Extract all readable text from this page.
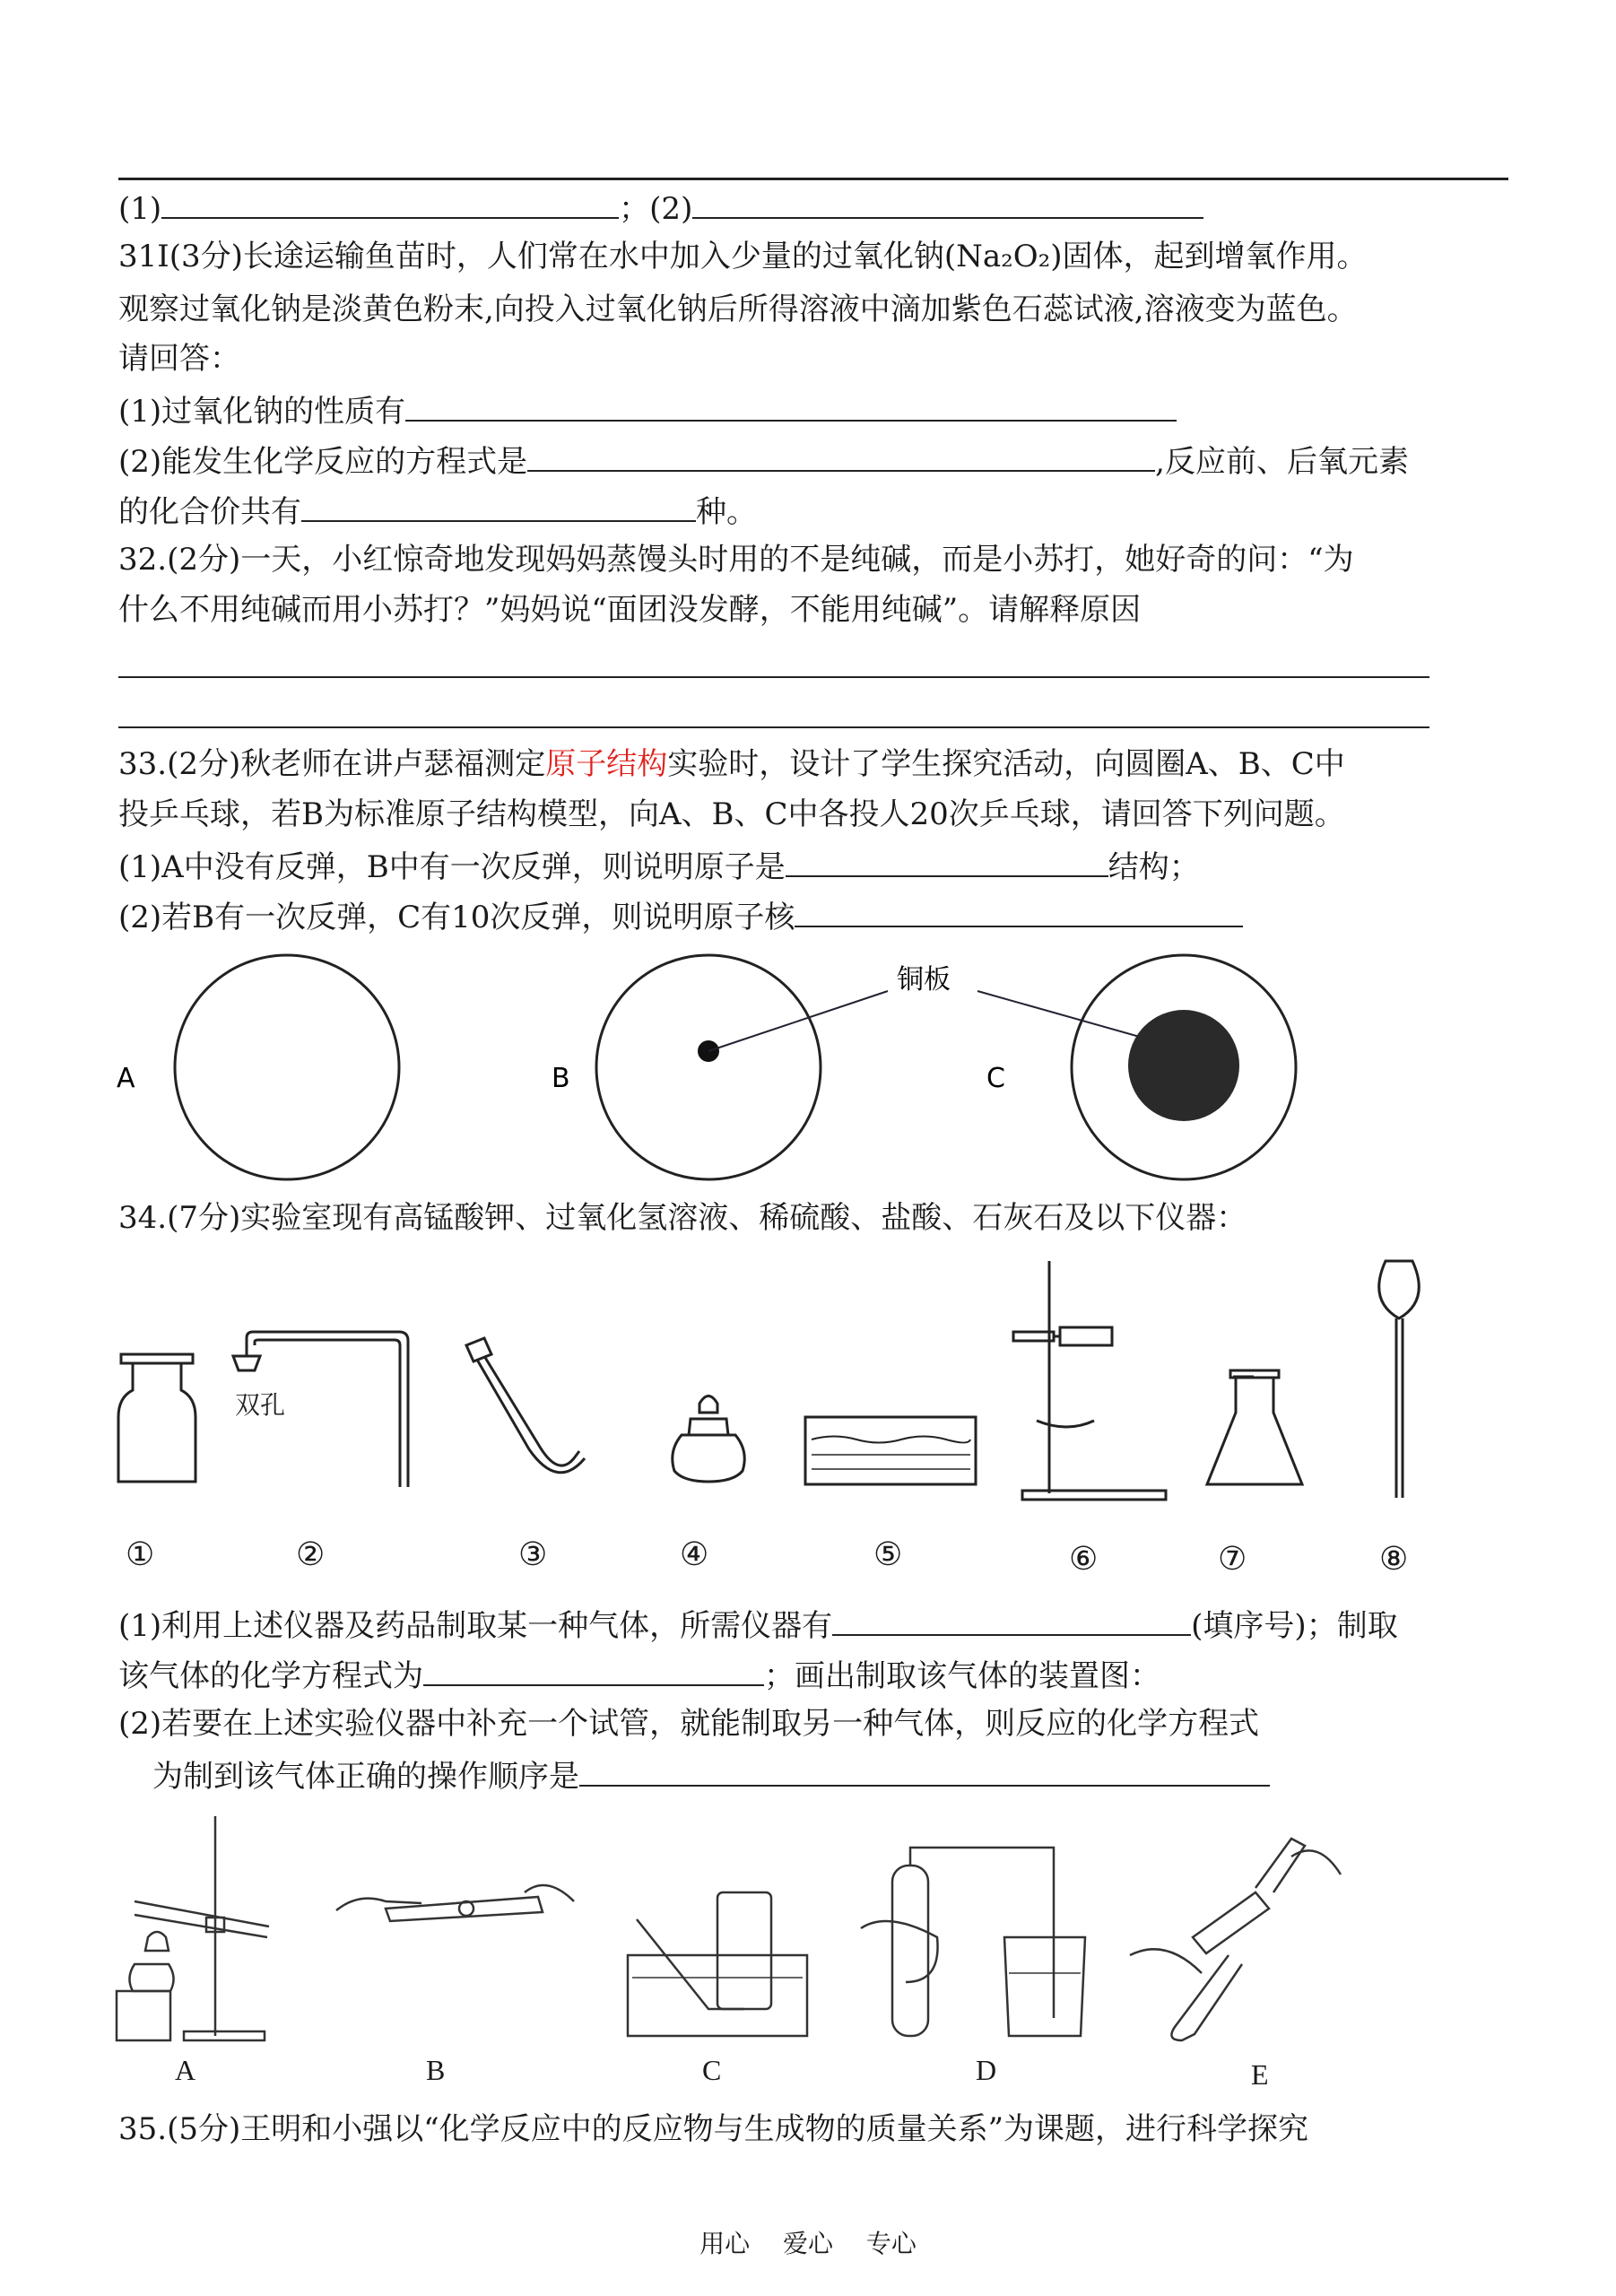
(1)	；(2)
31I(3分)长途运输鱼苗时，人们常在水中加入少量的过氧化钠(Na₂O₂)固体，起到增氧作用。
观察过氧化钠是淡黄色粉末,向投入过氧化钠后所得溶液中滴加紫色石蕊试液,溶液变为蓝色。
请回答：
(1)过氧化钠的性质有
(2)能发生化学反应的方程式是	,反应前、后氧元素
的化合价共有	种。
32.(2分)一天，小红惊奇地发现妈妈蒸馒头时用的不是纯碱，而是小苏打，她好奇的问：“为
什么不用纯碱而用小苏打？”妈妈说“面团没发酵，不能用纯碱”。请解释原因
33.(2分)秋老师在讲卢瑟福测定原子结构实验时，设计了学生探究活动，向圆圈A、B、C中
投乒乓球，若B为标准原子结构模型，向A、B、C中各投人20次乒乓球，请回答下列问题。
(1)A中没有反弹，B中有一次反弹，则说明原子是	结构；
(2)若B有一次反弹，C有10次反弹，则说明原子核
A	B	C
铜板
34.(7分)实验室现有高锰酸钾、过氧化氢溶液、稀硫酸、盐酸、石灰石及以下仪器：
双孔
①	②	③	④	⑤	⑥	⑦	⑧
(1)利用上述仪器及药品制取某一种气体，所需仪器有	(填序号)；制取
该气体的化学方程式为	；画出制取该气体的装置图：
(2)若要在上述实验仪器中补充一个试管，就能制取另一种气体，则反应的化学方程式
为制到该气体正确的操作顺序是
A	B	C	D	E
35.(5分)王明和小强以“化学反应中的反应物与生成物的质量关系”为课题，进行科学探究
用心 爱心 专心
